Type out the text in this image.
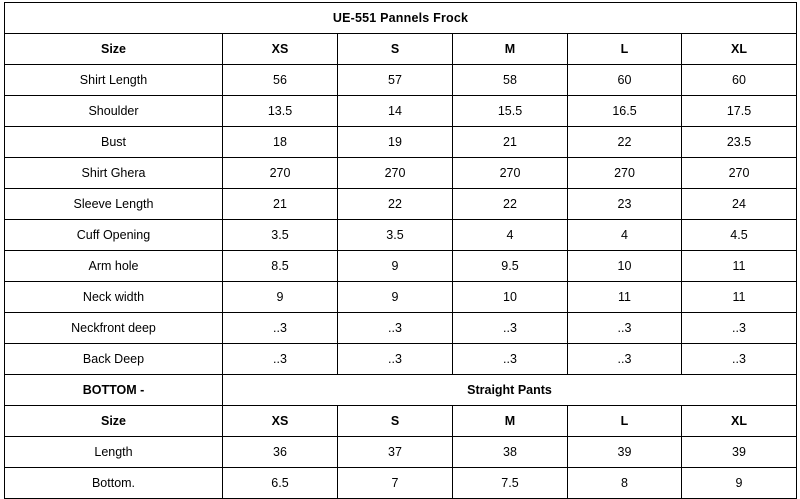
UE-551 Pannels Frock					
Size	XS	S	M	L	XL
Shirt Length	56	57	58	60	60
Shoulder	13.5	14	15.5	16.5	17.5
Bust	18	19	21	22	23.5
Shirt Ghera	270	270	270	270	270
Sleeve Length	21	22	22	23	24
Cuff Opening	3.5	3.5	4	4	4.5
Arm hole	8.5	9	9.5	10	11
Neck width	9	9	10	11	11
Neckfront deep	..3	..3	..3	..3	..3
Back Deep	..3	..3	..3	..3	..3
BOTTOM -	Straight Pants				
Size	XS	S	M	L	XL
Length	36	37	38	39	39
Bottom.	6.5	7	7.5	8	9
